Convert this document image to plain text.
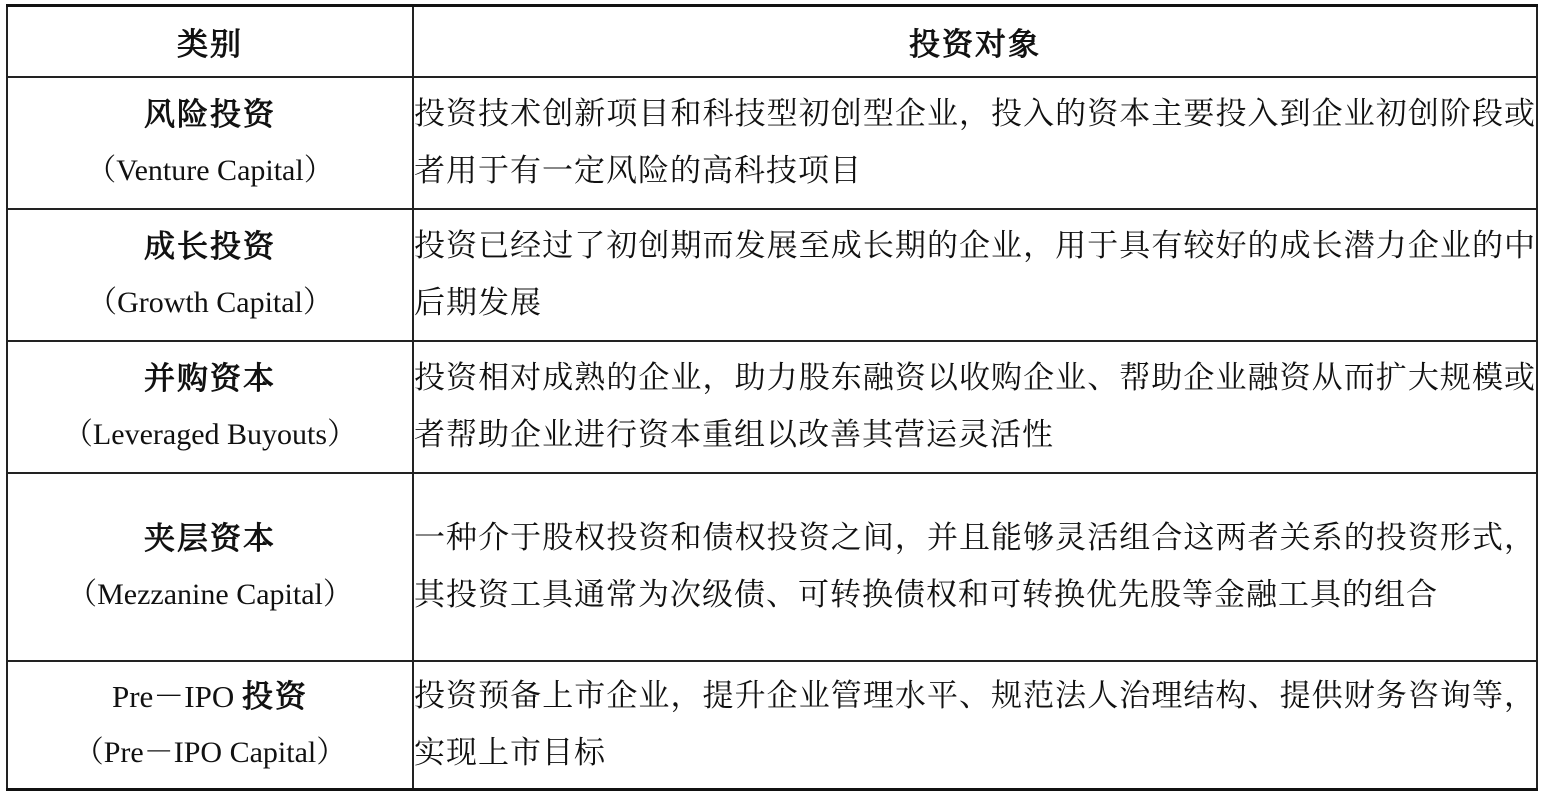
类别	投资对象

风险投资
（Venture Capital）	投资技术创新项目和科技型初创型企业，投入的资本主要投入到企业初创阶段或者用于有一定风险的高科技项目

成长投资
（Growth Capital）	投资已经过了初创期而发展至成长期的企业，用于具有较好的成长潜力企业的中后期发展

并购资本
（Leveraged Buyouts）	投资相对成熟的企业，助力股东融资以收购企业、帮助企业融资从而扩大规模或者帮助企业进行资本重组以改善其营运灵活性

夹层资本
（Mezzanine Capital）	一种介于股权投资和债权投资之间，并且能够灵活组合这两者关系的投资形式，其投资工具通常为次级债、可转换债权和可转换优先股等金融工具的组合

Pre－IPO 投资
（Pre－IPO Capital）	投资预备上市企业，提升企业管理水平、规范法人治理结构、提供财务咨询等，实现上市目标
